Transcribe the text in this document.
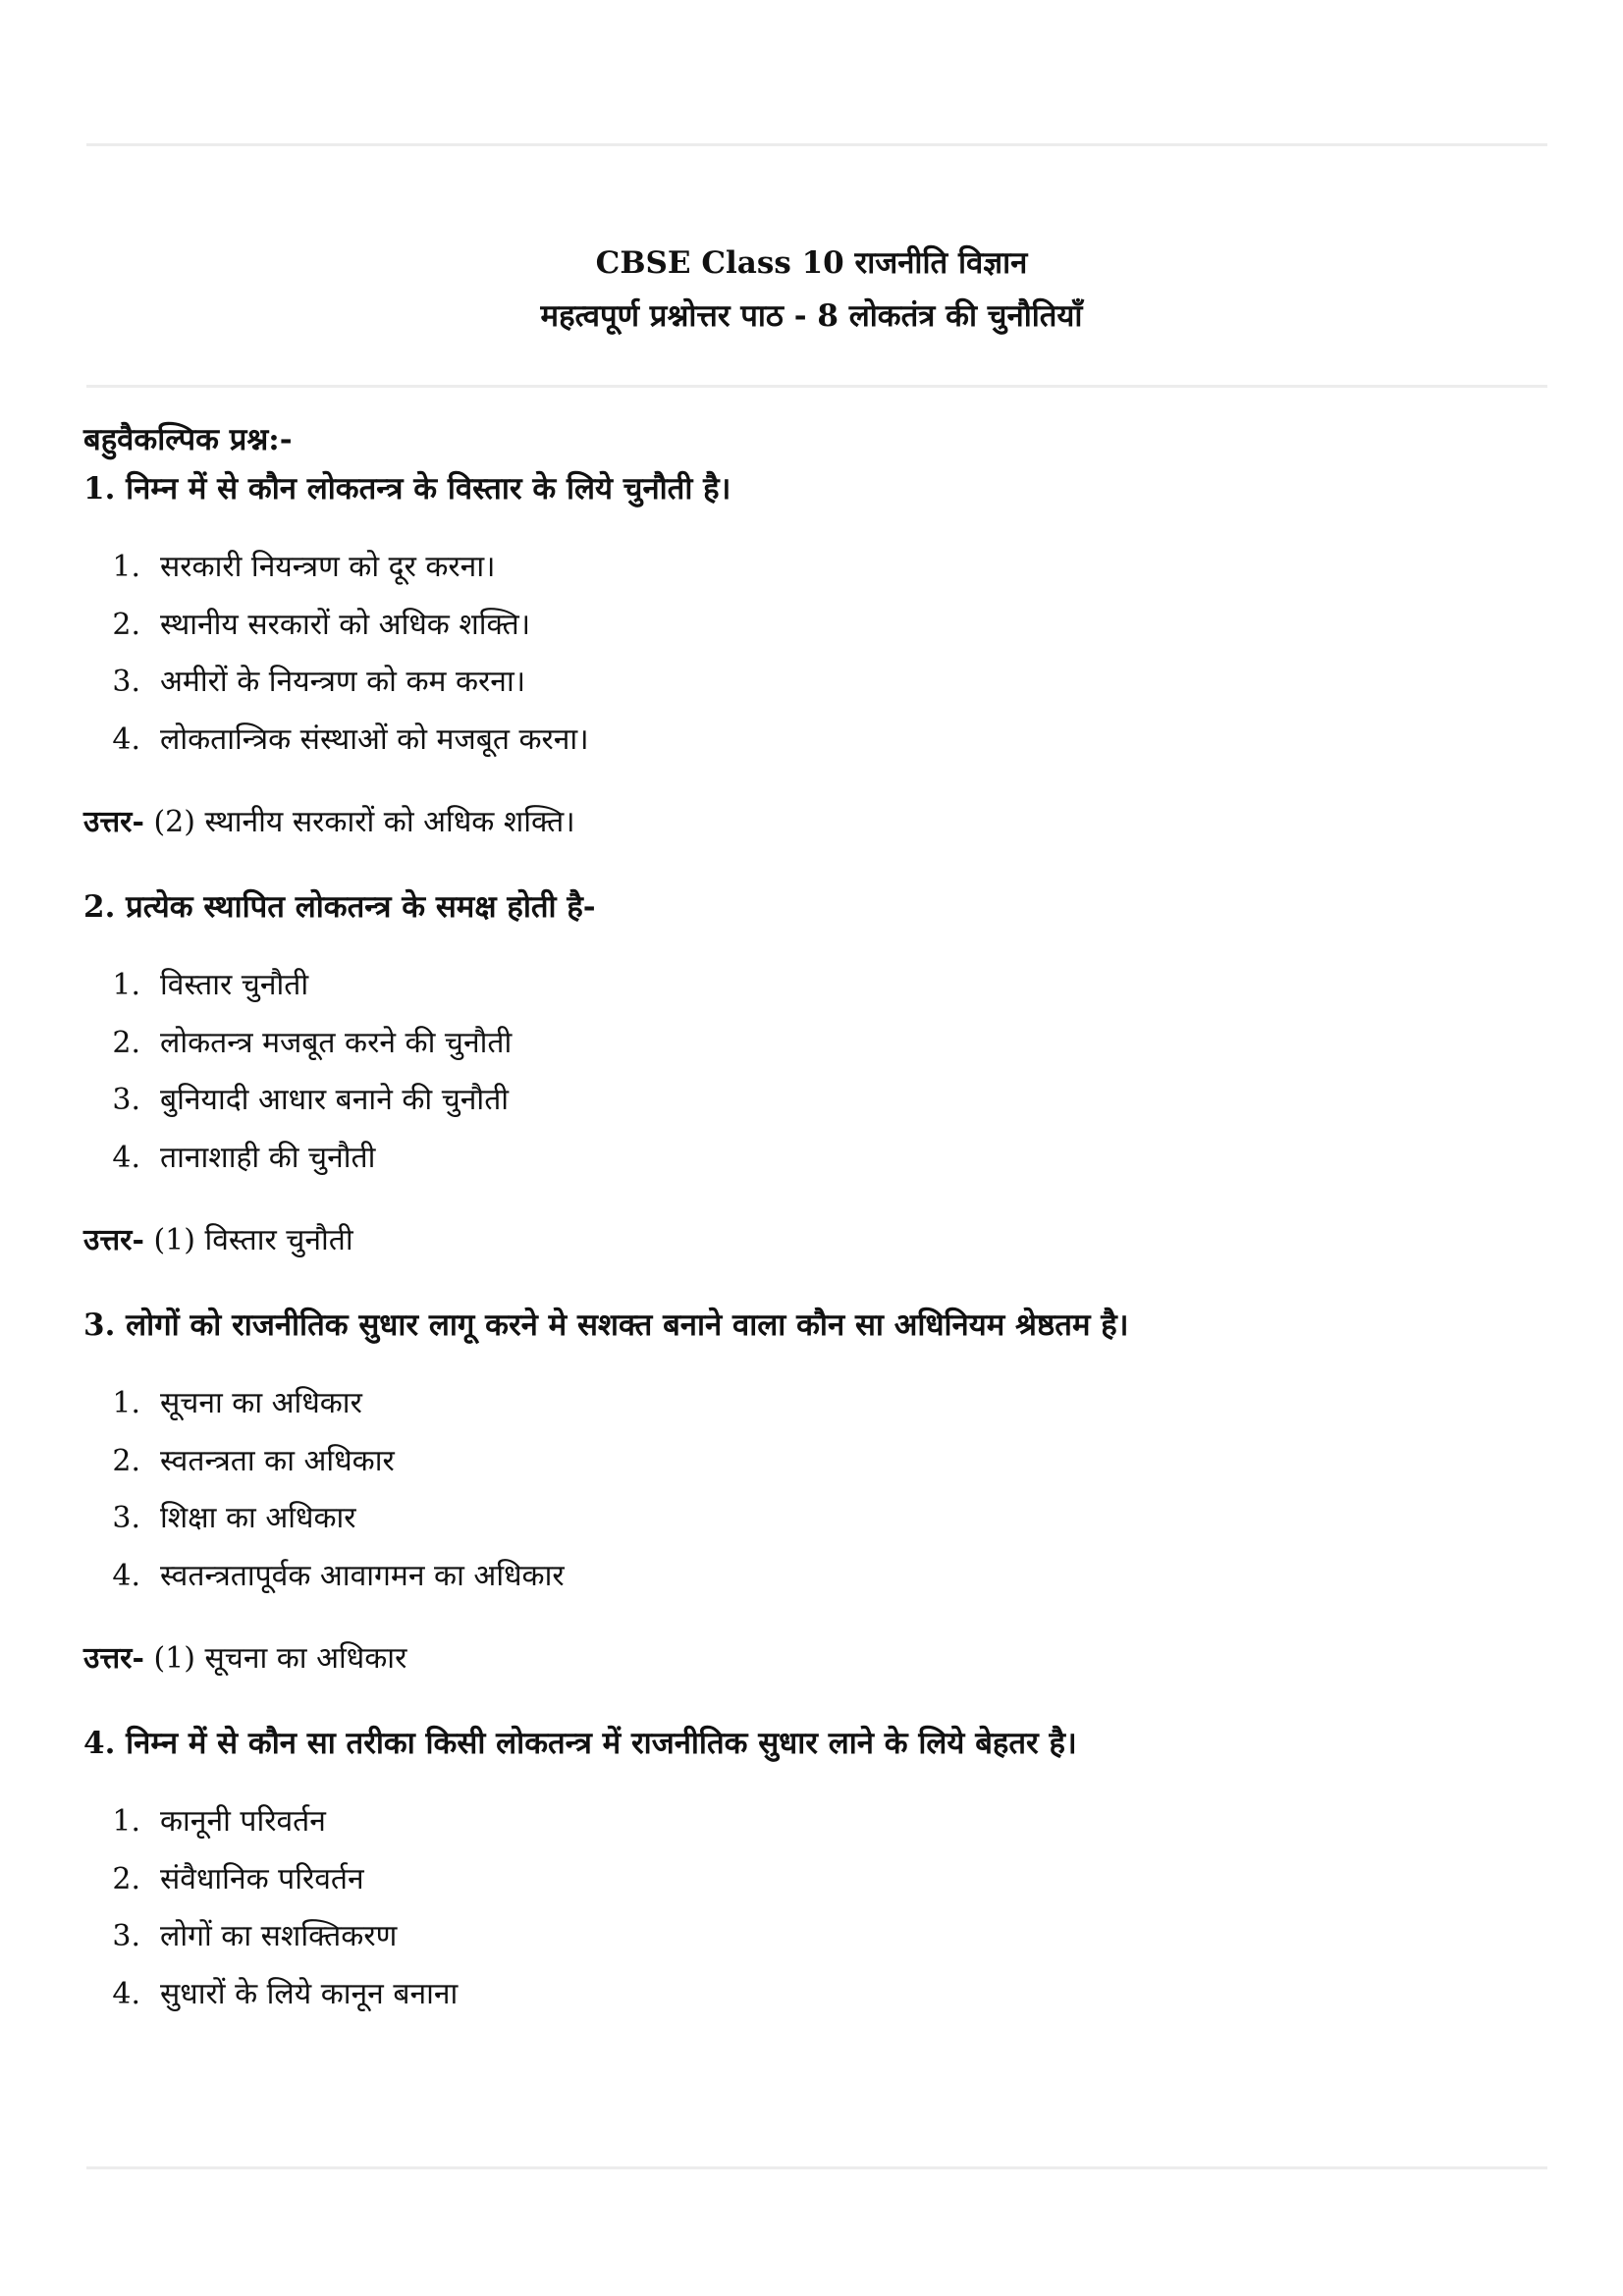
CBSE Class 10 राजनीति विज्ञान
महत्वपूर्ण प्रश्नोत्तर पाठ - 8 लोकतंत्र की चुनौतियाँ
बहुवैकल्पिक प्रश्न:-
1. निम्न में से कौन लोकतन्त्र के विस्तार के लिये चुनौती है।
1. सरकारी नियन्त्रण को दूर करना।
2. स्थानीय सरकारों को अधिक शक्ति।
3. अमीरों के नियन्त्रण को कम करना।
4. लोकतान्त्रिक संस्थाओं को मजबूत करना।
उत्तर- (2) स्थानीय सरकारों को अधिक शक्ति।
2. प्रत्येक स्थापित लोकतन्त्र के समक्ष होती है-
1. विस्तार चुनौती
2. लोकतन्त्र मजबूत करने की चुनौती
3. बुनियादी आधार बनाने की चुनौती
4. तानाशाही की चुनौती
उत्तर- (1) विस्तार चुनौती
3. लोगों को राजनीतिक सुधार लागू करने मे सशक्त बनाने वाला कौन सा अधिनियम श्रेष्ठतम है।
1. सूचना का अधिकार
2. स्वतन्त्रता का अधिकार
3. शिक्षा का अधिकार
4. स्वतन्त्रतापूर्वक आवागमन का अधिकार
उत्तर- (1) सूचना का अधिकार
4. निम्न में से कौन सा तरीका किसी लोकतन्त्र में राजनीतिक सुधार लाने के लिये बेहतर है।
1. कानूनी परिवर्तन
2. संवैधानिक परिवर्तन
3. लोगों का सशक्तिकरण
4. सुधारों के लिये कानून बनाना
